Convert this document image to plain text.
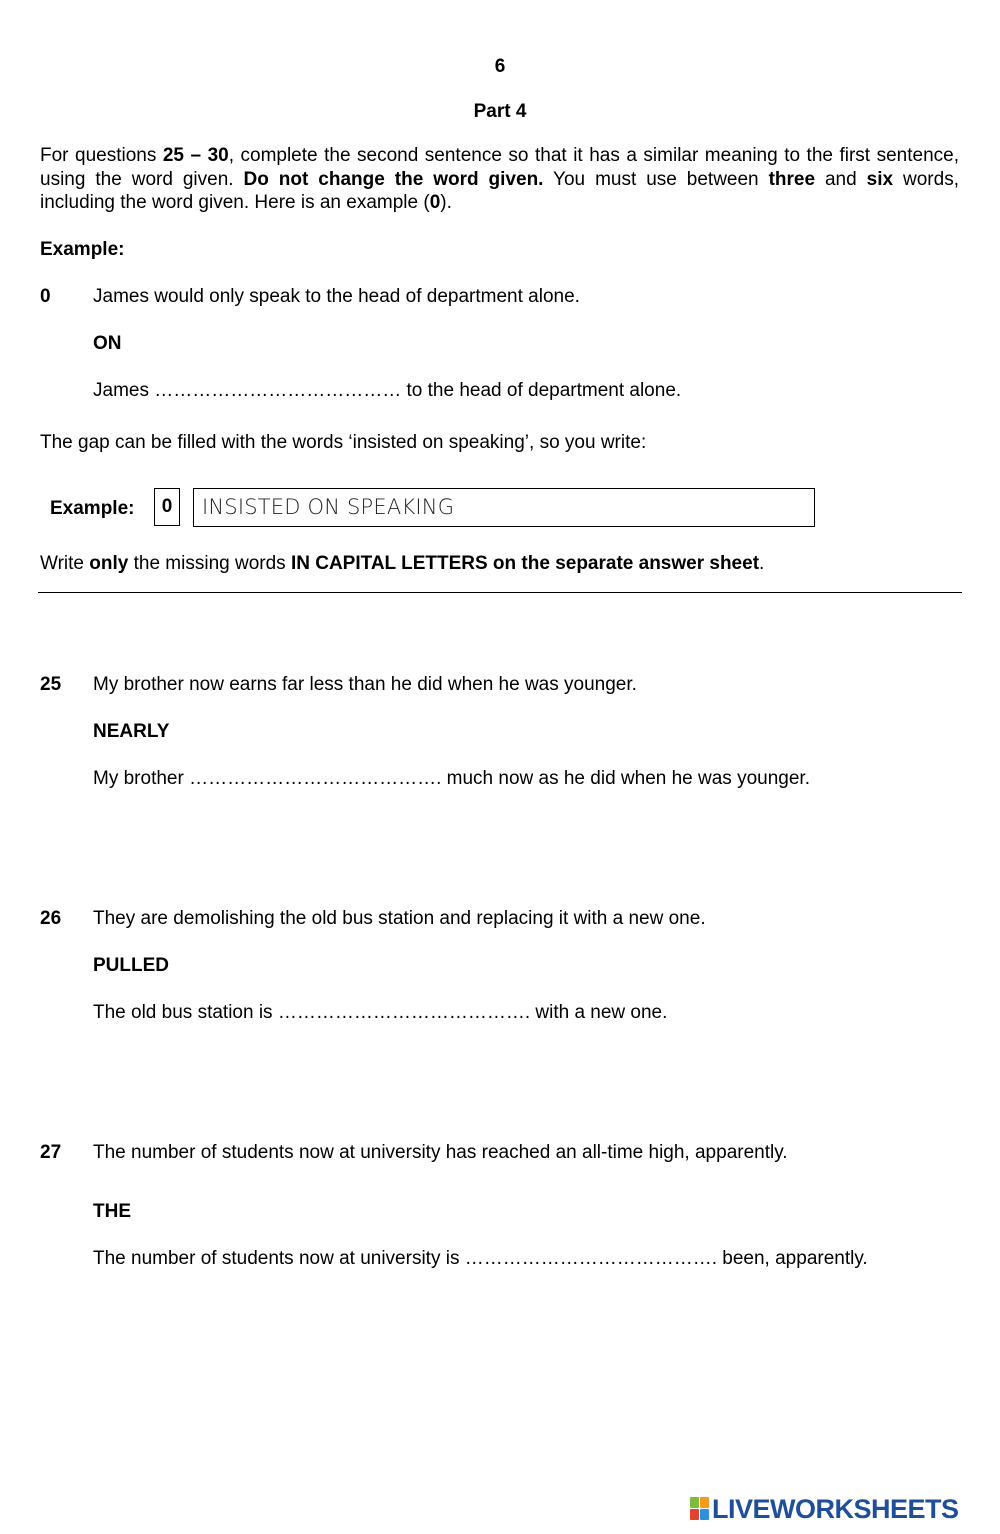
6
Part 4
For questions 25 – 30, complete the second sentence so that it has a similar meaning to the first sentence, using the word given. Do not change the word given. You must use between three and six words, including the word given. Here is an example (0).
Example:
0 James would only speak to the head of department alone.
ON
James ………………………………… to the head of department alone.
The gap can be filled with the words ‘insisted on speaking’, so you write:
Example:	0	INSISTED ON SPEAKING
Write only the missing words IN CAPITAL LETTERS on the separate answer sheet.
25 My brother now earns far less than he did when he was younger.
NEARLY
My brother …………………………………. much now as he did when he was younger.
26 They are demolishing the old bus station and replacing it with a new one.
PULLED
The old bus station is …………………………………. with a new one.
27 The number of students now at university has reached an all-time high, apparently.
THE
The number of students now at university is …………………………………. been, apparently.
LIVEWORKSHEETS
